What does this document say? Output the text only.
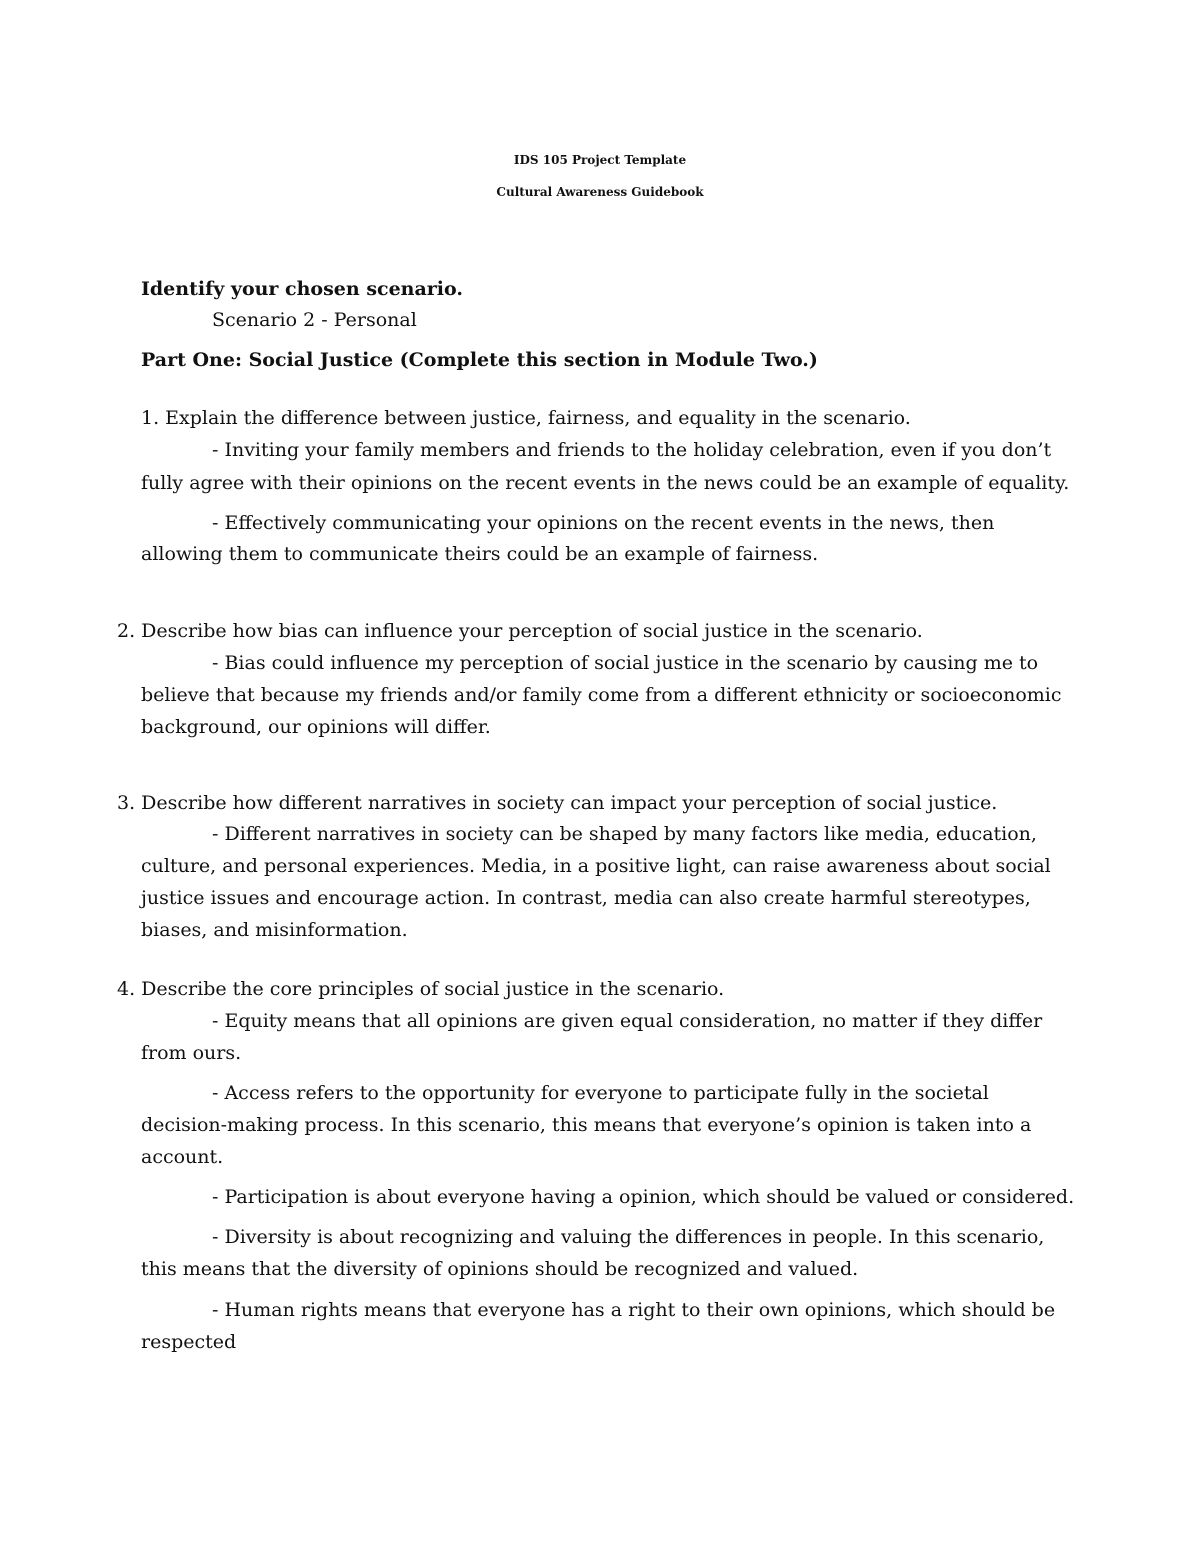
IDS 105 Project Template

Cultural Awareness Guidebook

Identify your chosen scenario.

Scenario 2 - Personal

Part One: Social Justice (Complete this section in Module Two.)

1. Explain the difference between justice, fairness, and equality in the scenario.

- Inviting your family members and friends to the holiday celebration, even if you don’t

fully agree with their opinions on the recent events in the news could be an example of equality.

- Effectively communicating your opinions on the recent events in the news, then

allowing them to communicate theirs could be an example of fairness.

2. Describe how bias can influence your perception of social justice in the scenario.

- Bias could influence my perception of social justice in the scenario by causing me to

believe that because my friends and/or family come from a different ethnicity or socioeconomic

background, our opinions will differ.

3. Describe how different narratives in society can impact your perception of social justice.

- Different narratives in society can be shaped by many factors like media, education,

culture, and personal experiences. Media, in a positive light, can raise awareness about social

justice issues and encourage action. In contrast, media can also create harmful stereotypes,

biases, and misinformation.

4. Describe the core principles of social justice in the scenario.

- Equity means that all opinions are given equal consideration, no matter if they differ

from ours.

- Access refers to the opportunity for everyone to participate fully in the societal

decision-making process. In this scenario, this means that everyone’s opinion is taken into a

account.

- Participation is about everyone having a opinion, which should be valued or considered.

- Diversity is about recognizing and valuing the differences in people. In this scenario,

this means that the diversity of opinions should be recognized and valued.

- Human rights means that everyone has a right to their own opinions, which should be

respected
